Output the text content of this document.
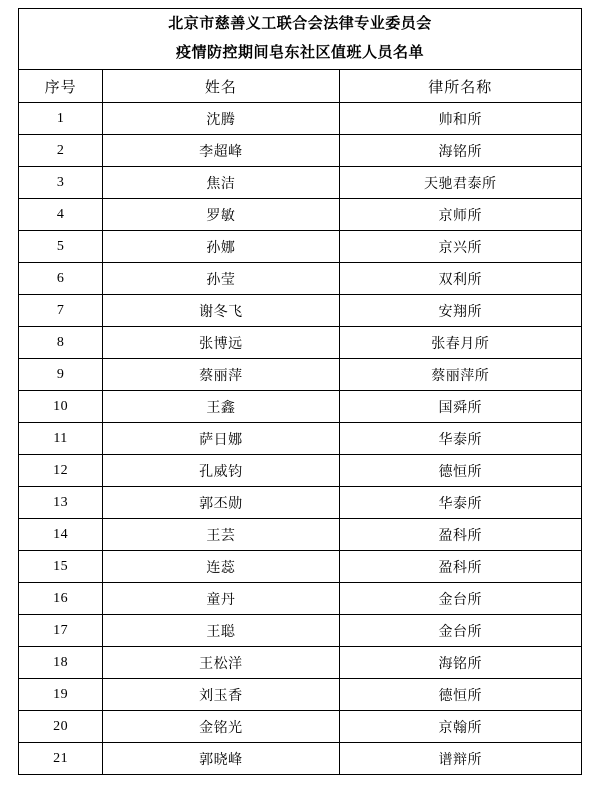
北京市慈善义工联合会法律专业委员会
疫情防控期间皂东社区值班人员名单		

序号	姓名	律所名称
1	沈腾	帅和所
2	李超峰	海铭所
3	焦洁	天驰君泰所
4	罗敏	京师所
5	孙娜	京兴所
6	孙莹	双利所
7	谢冬飞	安翔所
8	张博远	张春月所
9	蔡丽萍	蔡丽萍所
10	王鑫	国舜所
11	萨日娜	华泰所
12	孔威钧	德恒所
13	郭丕勋	华泰所
14	王芸	盈科所
15	连蕊	盈科所
16	童丹	金台所
17	王聪	金台所
18	王松洋	海铭所
19	刘玉香	德恒所
20	金铭光	京翰所
21	郭晓峰	谱辩所
